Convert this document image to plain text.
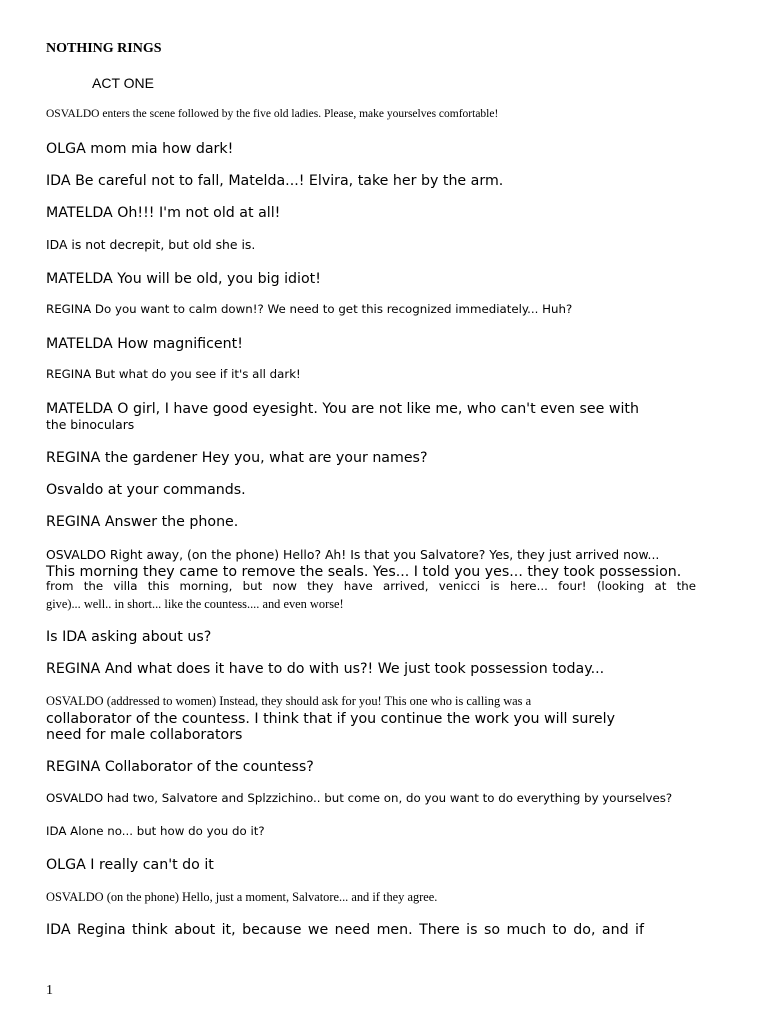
NOTHING RINGS
ACT ONE
OSVALDO enters the scene followed by the five old ladies. Please, make yourselves comfortable!
OLGA mom mia how dark!
IDA Be careful not to fall, Matelda...! Elvira, take her by the arm.
MATELDA Oh!!! I'm not old at all!
IDA is not decrepit, but old she is.
MATELDA You will be old, you big idiot!
REGINA Do you want to calm down!? We need to get this recognized immediately... Huh?
MATELDA How magnificent!
REGINA But what do you see if it's all dark!
MATELDA O girl, I have good eyesight. You are not like me, who can't even see with
the binoculars
REGINA the gardener Hey you, what are your names?
Osvaldo at your commands.
REGINA Answer the phone.
OSVALDO Right away, (on the phone) Hello? Ah! Is that you Salvatore? Yes, they just arrived now...
This morning they came to remove the seals. Yes... I told you yes... they took possession.
from the villa this morning, but now they have arrived, venicci is here... four! (looking at the
give)... well.. in short... like the countess.... and even worse!
Is IDA asking about us?
REGINA And what does it have to do with us?! We just took possession today...
OSVALDO (addressed to women) Instead, they should ask for you! This one who is calling was a
collaborator of the countess. I think that if you continue the work you will surely
need for male collaborators
REGINA Collaborator of the countess?
OSVALDO had two, Salvatore and Splzzichino.. but come on, do you want to do everything by yourselves?
IDA Alone no... but how do you do it?
OLGA I really can't do it
OSVALDO (on the phone) Hello, just a moment, Salvatore... and if they agree.
IDA Regina think about it, because we need men. There is so much to do, and if
1
